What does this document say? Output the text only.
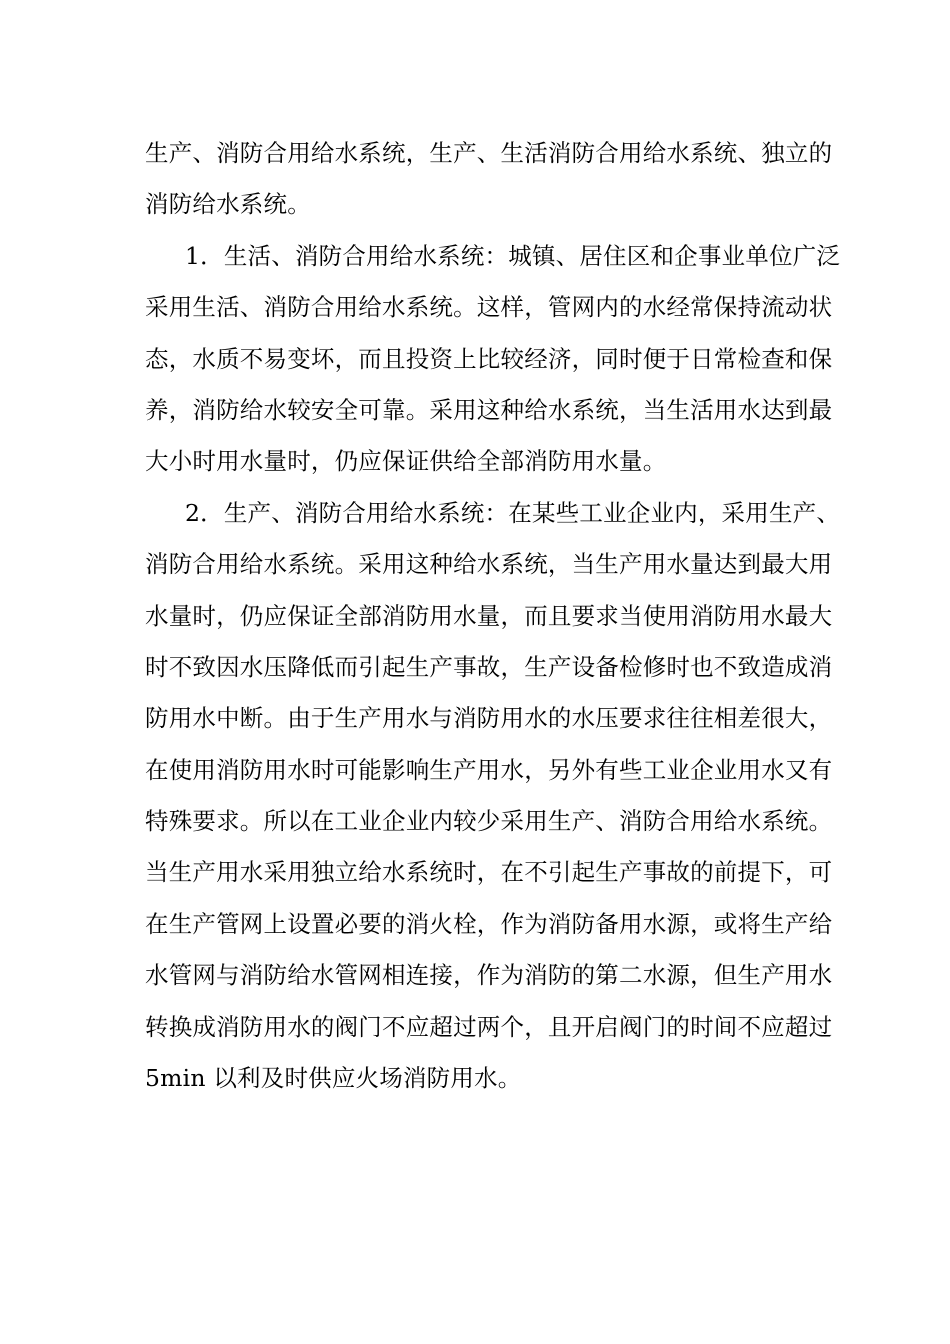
生产、消防合用给水系统，生产、生活消防合用给水系统、独立的
消防给水系统。
1．生活、消防合用给水系统：城镇、居住区和企事业单位广泛
采用生活、消防合用给水系统。这样，管网内的水经常保持流动状
态，水质不易变坏，而且投资上比较经济，同时便于日常检查和保
养，消防给水较安全可靠。采用这种给水系统，当生活用水达到最
大小时用水量时，仍应保证供给全部消防用水量。
2．生产、消防合用给水系统：在某些工业企业内，采用生产、
消防合用给水系统。采用这种给水系统，当生产用水量达到最大用
水量时，仍应保证全部消防用水量，而且要求当使用消防用水最大
时不致因水压降低而引起生产事故，生产设备检修时也不致造成消
防用水中断。由于生产用水与消防用水的水压要求往往相差很大，
在使用消防用水时可能影响生产用水，另外有些工业企业用水又有
特殊要求。所以在工业企业内较少采用生产、消防合用给水系统。
当生产用水采用独立给水系统时，在不引起生产事故的前提下，可
在生产管网上设置必要的消火栓，作为消防备用水源，或将生产给
水管网与消防给水管网相连接，作为消防的第二水源，但生产用水
转换成消防用水的阀门不应超过两个，且开启阀门的时间不应超过
5min 以利及时供应火场消防用水。
